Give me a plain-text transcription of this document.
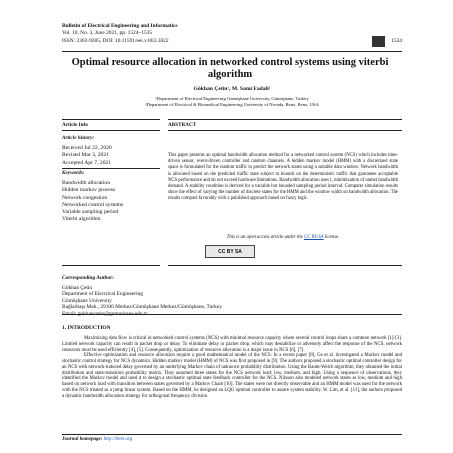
Bulletin of Electrical Engineering and Informatics
Vol. 10, No. 3, June 2021, pp. 1524~1535
ISSN: 2302-9285, DOI: 10.11591/eei.v10i3.3022	1524
Optimal resource allocation in networked control systems using viterbi algorithm
Gökhan Çetin¹, M. Sami Fadali²
¹Department of Electrical Engineering Gümüşhane University, Gümüşhane, Turkey
²Department of Electrical & Biomedical Engineering University of Nevada, Reno, Reno, USA
Article Info	ABSTRACT
Article history:
Received Jul 22, 2020
Revised Mar 3, 2021
Accepted Apr 7, 2021
Keywords:
Bandwidth allocation
Hidden markov process
Network congestion
Networked control systems
Variable sampling period
Viterbi algorithm
This paper presents an optimal bandwidth allocation method for a networked control system (NCS) which includes time-driven sensor, event-driven controller and random channels. A hidden markov model (HMM) with a discretized state space is formulated for the random traffic to predict the network states using a suitable data window. Network bandwidth is allocated based on the predicted traffic state subject to bounds on the deterministic traffic that guarantee acceptable NCS performance and do not exceed hardware limitations. Bandwidth allocation uses l₁ minimization of unmet bandwidth demand. A stability condition is derived for a variable but bounded sampling period interval. Computer simulation results show the effect of varying the number of discrete states for the HMM and the window width on bandwidth allocation. The results compare favorably with a published approach based on fuzzy logic.
This is an open access article under the CC BY-SA license.
CC BY SA
Corresponding Author:
Gökhan Çetin
Department of Electrical Engineering
Gümüşhane University
Bağlarbaşı Mah., 29100 Merkez/Gümüşhane Merkez/Gümüşhane, Turkey
1. INTRODUCTION
Maximizing data flow is critical in networked control systems (NCS) with minimal resource capacity where several control loops share a common network [1]-[3]. Limited network capacity can result in packet drop or delay. To eliminate delay or packet drop, which may destabilize or adversely affect the response of the NCS, network resources must be used efficiently [4], [5]. Consequently, optimization of resource allocation is a major issue in NCS [6], [7].
Effective optimization and resource allocation require a good mathematical model of the NCS. In a recent paper [8], Ge et al. investigated a Markov model and stochastic control strategy for NCS dynamics. Hidden markov model (HMM) of NCS was first proposed in [9]. The authors proposed a stochastic optimal controller design for an NCS with network-induced delay governed by an underlying Markov chain of unknown probability distribution. Using the Baum-Welch algorithm, they obtained the initial distribution and state-transition probability matrix. They assumed three states for the NCS network load: low, medium, and high. Using a sequence of observations, they identified the Markov model and used it to design a stochastic optimal state feedback controller for the NCS. Nilsson also modeled network states as low, medium and high based on network load with transition between states governed by a Markov Chain [10]. The states were not directly observable and an HMM model was used for the network with the NCS treated as a jump linear system. Based on the HMM, he designed an LQG optimal controller to assure system stability. W. Lim, et al. [11], the authors proposed a dynamic bandwidth allocation strategy for orthogonal frequency division
Journal homepage: http://beei.org
